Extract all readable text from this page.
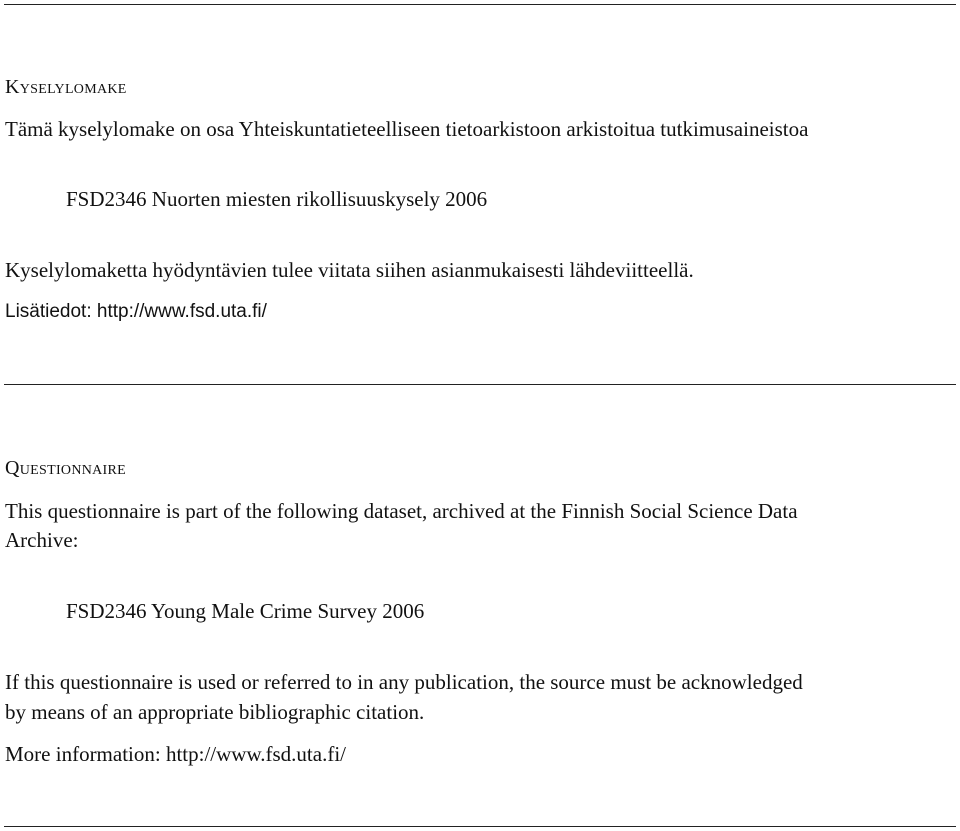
Kyselylomake
Tämä kyselylomake on osa Yhteiskuntatieteelliseen tietoarkistoon arkistoitua tutkimusaineistoa
FSD2346 Nuorten miesten rikollisuuskysely 2006
Kyselylomaketta hyödyntävien tulee viitata siihen asianmukaisesti lähdeviitteellä.
Lisätiedot: http://www.fsd.uta.fi/
Questionnaire
This questionnaire is part of the following dataset, archived at the Finnish Social Science Data
Archive:
FSD2346 Young Male Crime Survey 2006
If this questionnaire is used or referred to in any publication, the source must be acknowledged
by means of an appropriate bibliographic citation.
More information: http://www.fsd.uta.fi/
